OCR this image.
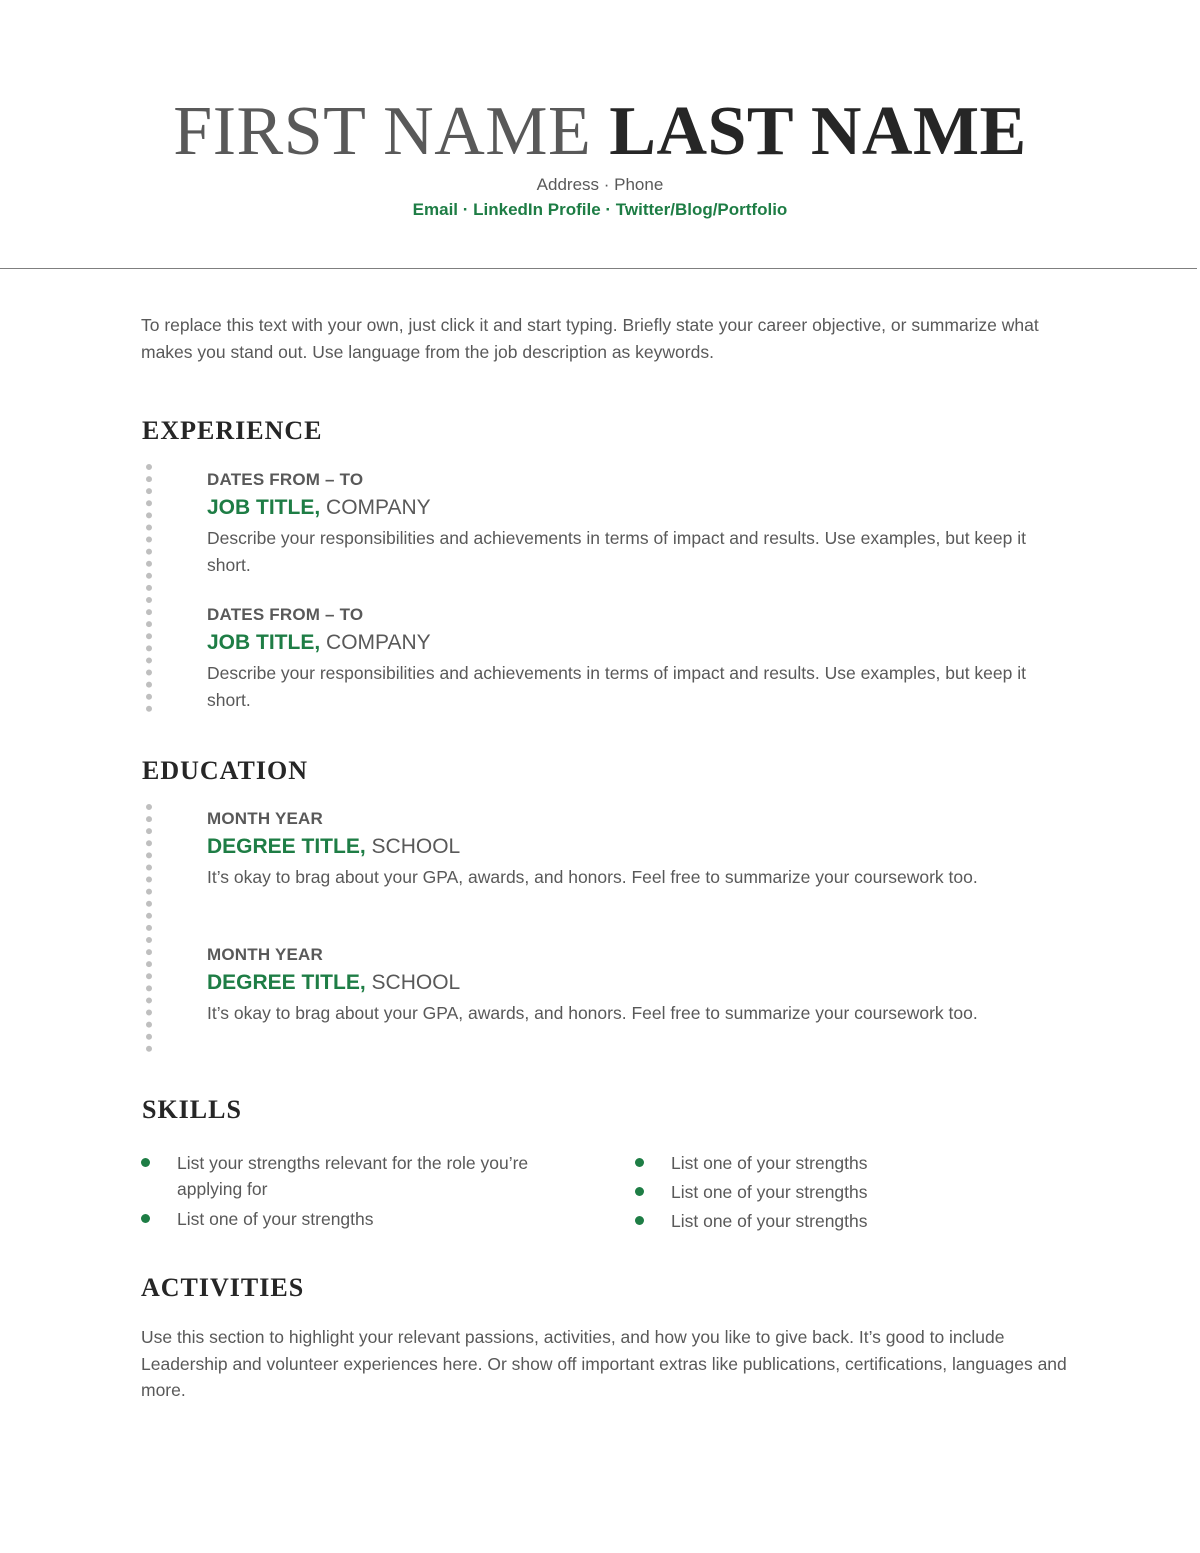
FIRST NAME LAST NAME
Address · Phone
Email · LinkedIn Profile · Twitter/Blog/Portfolio
To replace this text with your own, just click it and start typing. Briefly state your career objective, or summarize what makes you stand out. Use language from the job description as keywords.
EXPERIENCE
DATES FROM – TO
JOB TITLE, COMPANY
Describe your responsibilities and achievements in terms of impact and results. Use examples, but keep it short.
DATES FROM – TO
JOB TITLE, COMPANY
Describe your responsibilities and achievements in terms of impact and results. Use examples, but keep it short.
EDUCATION
MONTH YEAR
DEGREE TITLE, SCHOOL
It’s okay to brag about your GPA, awards, and honors. Feel free to summarize your coursework too.
MONTH YEAR
DEGREE TITLE, SCHOOL
It’s okay to brag about your GPA, awards, and honors. Feel free to summarize your coursework too.
SKILLS
List your strengths relevant for the role you’re applying for
List one of your strengths
List one of your strengths
List one of your strengths
List one of your strengths
ACTIVITIES
Use this section to highlight your relevant passions, activities, and how you like to give back. It’s good to include Leadership and volunteer experiences here. Or show off important extras like publications, certifications, languages and more.
